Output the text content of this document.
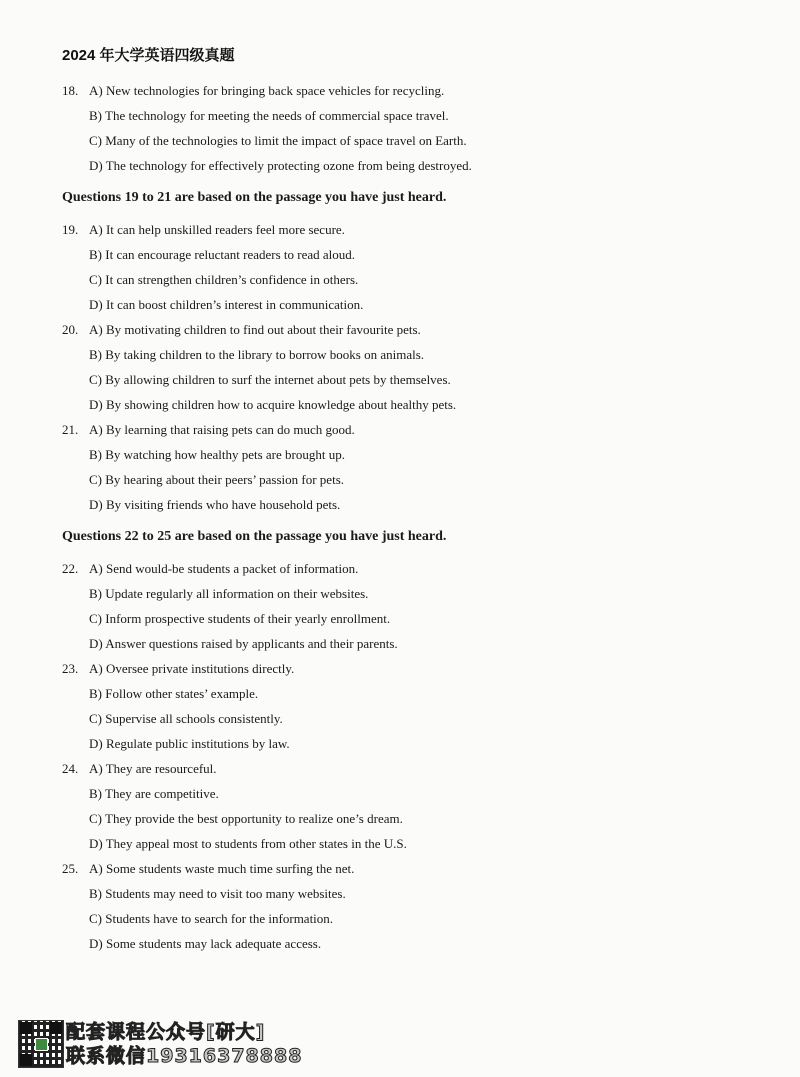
2024 年大学英语四级真题
18. A) New technologies for bringing back space vehicles for recycling.
B) The technology for meeting the needs of commercial space travel.
C) Many of the technologies to limit the impact of space travel on Earth.
D) The technology for effectively protecting ozone from being destroyed.
Questions 19 to 21 are based on the passage you have just heard.
19. A) It can help unskilled readers feel more secure.
B) It can encourage reluctant readers to read aloud.
C) It can strengthen children’s confidence in others.
D) It can boost children’s interest in communication.
20. A) By motivating children to find out about their favourite pets.
B) By taking children to the library to borrow books on animals.
C) By allowing children to surf the internet about pets by themselves.
D) By showing children how to acquire knowledge about healthy pets.
21. A) By learning that raising pets can do much good.
B) By watching how healthy pets are brought up.
C) By hearing about their peers’ passion for pets.
D) By visiting friends who have household pets.
Questions 22 to 25 are based on the passage you have just heard.
22. A) Send would-be students a packet of information.
B) Update regularly all information on their websites.
C) Inform prospective students of their yearly enrollment.
D) Answer questions raised by applicants and their parents.
23. A) Oversee private institutions directly.
B) Follow other states’ example.
C) Supervise all schools consistently.
D) Regulate public institutions by law.
24. A) They are resourceful.
B) They are competitive.
C) They provide the best opportunity to realize one’s dream.
D) They appeal most to students from other states in the U.S.
25. A) Some students waste much time surfing the net.
B) Students may need to visit too many websites.
C) Students have to search for the information.
D) Some students may lack adequate access.
配套课程公众号[研大]
联系微信19316378888
